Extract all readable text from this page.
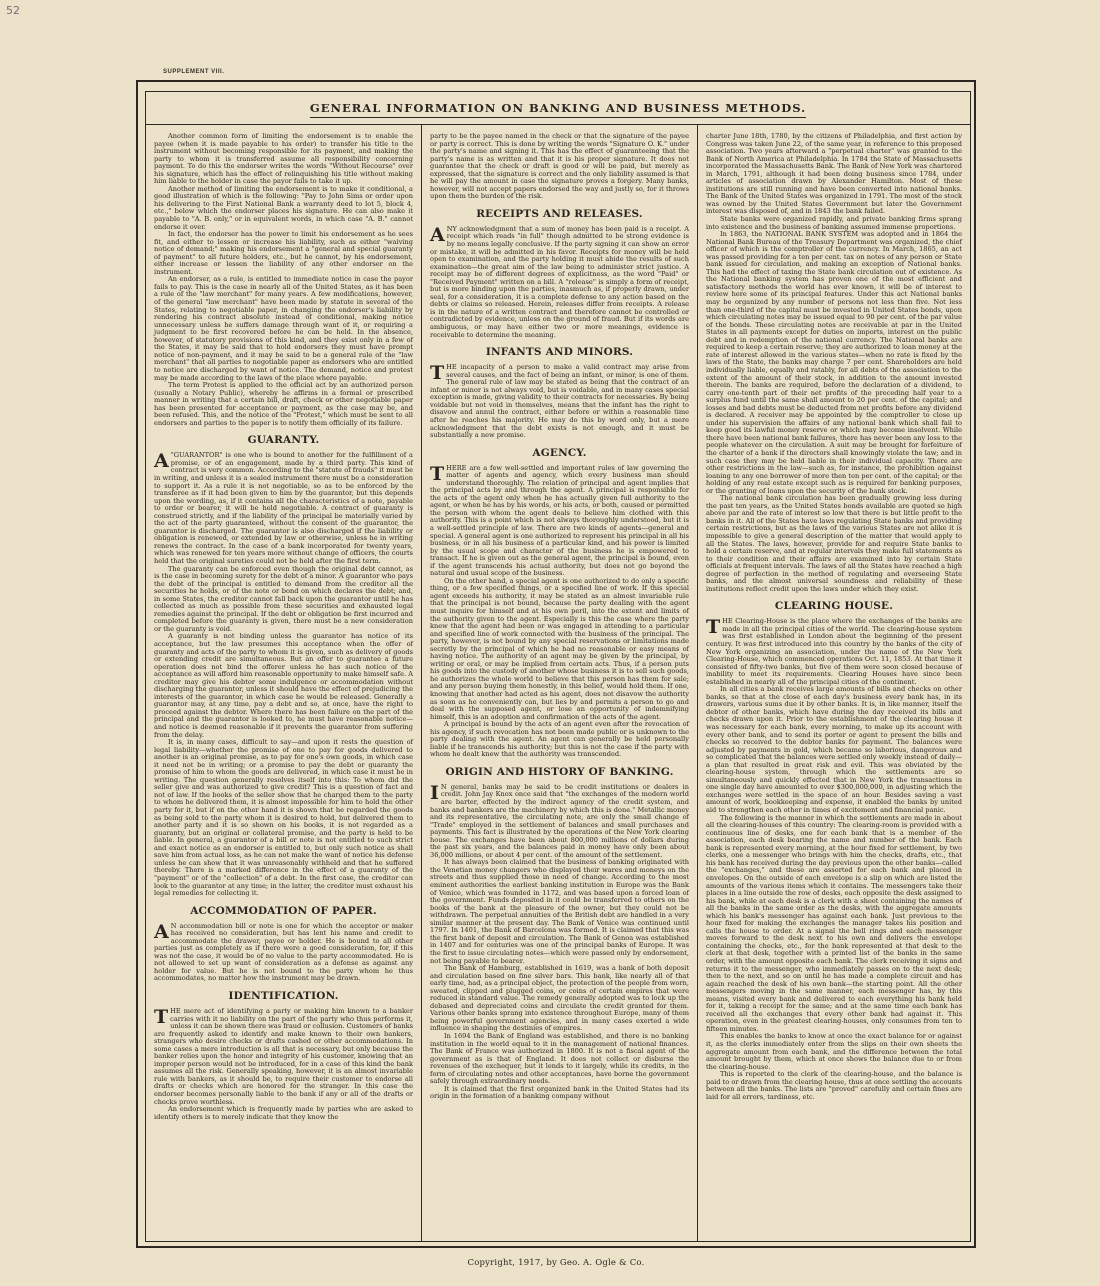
52
SUPPLEMENT VIII.
GENERAL INFORMATION ON BANKING AND BUSINESS METHODS.

Another common form of limiting the endorsement is to enable the payee (when it is made payable to his order) to transfer his title to the instrument without becoming responsible for its payment, and making the party to whom it is transferred assume all responsibility concerning payment. To do this the endorser writes the words "Without Recourse" over his signature, which has the effect of relinquishing his title without making him liable to the holder in case the payor fails to take it up.

Another method of limiting the endorsement is to make it conditional, a good illustration of which is the following: "Pay to John Sims or order upon his delivering to the First National Bank a warranty deed to lot 5, block 4, etc.," below which the endorser places his signature. He can also make it payable to "A. B. only," or in equivalent words, in which case "A. B." cannot endorse it over.

In fact, the endorser has the power to limit his endorsement as he sees fit, and either to lessen or increase his liability, such as either "waiving notice of demand;" making his endorsement a "general and special guaranty of payment" to all future holders, etc., but he cannot, by his endorsement, either increase or lessen the liability of any other endorser on the instrument.

An endorser, as a rule, is entitled to immediate notice in case the payor fails to pay. This is the case in nearly all of the United States, as it has been a rule of the "law merchant" for many years. A few modifications, however, of the general "law merchant" have been made by statute in several of the States, relating to negotiable paper, in changing the endorser's liability by rendering his contract absolute instead of conditional, making notice unnecessary unless he suffers damage through want of it, or requiring a judgment to be first recovered before he can be held. In the absence, however, of statutory provisions of this kind, and they exist only in a few of the States, it may be said that to hold endorsers they must have prompt notice of non-payment, and it may be said to be a general rule of the "law merchant" that all parties to negotiable paper as endorsers who are entitled to notice are discharged by want of notice. The demand, notice and protest may be made according to the laws of the place where payable.

The term Protest is applied to the official act by an authorized person (usually a Notary Public), whereby he affirms in a formal or prescribed manner in writing that a certain bill, draft, check or other negotiable paper has been presented for acceptance or payment, as the case may be, and been refused. This, and the notice of the "Protest," which must be sent to all endorsers and parties to the paper is to notify them officially of its failure.

GUARANTY.

A "GUARANTOR" is one who is bound to another for the fulfillment of a promise, or of an engagement, made by a third party. This kind of contract is very common. According to the "statute of frauds" it must be in writing, and unless it is a sealed instrument there must be a consideration to support it. As a rule it is not negotiable, so as to be enforced by the transferee as if it had been given to him by the guarantor, but this depends upon the wording, as, if it contains all the characteristics of a note, payable to order or bearer, it will be held negotiable. A contract of guaranty is construed strictly, and if the liability of the principal be materially varied by the act of the party guaranteed, without the consent of the guarantor, the guarantor is discharged. The guarantor is also discharged if the liability or obligation is renewed, or extended by law or otherwise, unless he in writing renews the contract. In the case of a bank incorporated for twenty years, which was renewed for ten years more without change of officers, the courts held that the original sureties could not be held after the first term.

The guaranty can be enforced even though the original debt cannot, as is the case in becoming surety for the debt of a minor. A guarantor who pays the debt of the principal is entitled to demand from the creditor all the securities he holds, or of the note or bond on which declares the debt; and, in some States, the creditor cannot fall back upon the guarantor until he has collected as much as possible from these securities and exhausted legal remedies against the principal. If the debt or obligation be first incurred and completed before the guaranty is given, there must be a new consideration or the guaranty is void.

A guaranty is not binding unless the guarantor has notice of its acceptance, but the law presumes this acceptance when the offer of guaranty and acts of the party to whom it is given, such as delivery of goods or extending credit are simultaneous. But an offer to guarantee a future operation does not bind the offerer unless he has such notice of the acceptance as will afford him reasonable opportunity to make himself safe. A creditor may give his debtor some indulgence or accommodation without discharging the guarantor, unless it should have the effect of prejudicing the interests of the guarantor, in which case he would be released. Generally a guarantor may, at any time, pay a debt and so, at once, have the right to proceed against the debtor. Where there has been failure on the part of the principal and the guarantor is looked to, he must have reasonable notice—and notice is deemed reasonable if it prevents the guarantor from suffering from the delay.

It is, in many cases, difficult to say—and upon it rests the question of legal liability—whether the promise of one to pay for goods delivered to another is an original promise, as to pay for one's own goods, in which case it need not be in writing; or a promise to pay the debt or guaranty the promise of him to whom the goods are delivered, in which case it must be in writing. The question generally resolves itself into this: To whom did the seller give and was authorized to give credit? This is a question of fact and not of law. If the books of the seller show that he charged them to the party to whom he delivered them, it is almost impossible for him to hold the other party for it, but if on the other hand it is shown that he regarded the goods as being sold to the party whom it is desired to hold, but delivered them to another party and it is so shown on his books, it is not regarded as a guaranty, but an original or collateral promise, and the party is held to be liable. In general, a guarantor of a bill or note is not entitled to such strict and exact notice as an endorser is entitled to, but only such notice as shall save him from actual loss, as he can not make the want of notice his defense unless he can show that it was unreasonably withheld and that he suffered thereby. There is a marked difference in the effect of a guaranty of the "payment" or of the "collection" of a debt. In the first case, the creditor can look to the guarantor at any time; in the latter, the creditor must exhaust his legal remedies for collecting it.

ACCOMMODATION OF PAPER.

A N accommodation bill or note is one for which the acceptor or maker has received no consideration, but has lent his name and credit to accommodate the drawer, payee or holder. He is bound to all other parties just as completely as if there were a good consideration, for, if this was not the case, it would be of no value to the party accommodated. He is not allowed to set up want of consideration as a defense as against any holder for value. But he is not bound to the party whom he thus accommodates, no matter how the instrument may be drawn.

IDENTIFICATION.

THE mere act of identifying a party or making him known to a banker carries with it no liability on the part of the party who thus performs it, unless it can be shown there was fraud or collusion. Customers of banks are frequently asked to identify and make known to their own bankers, strangers who desire checks or drafts cashed or other accommodations. In some cases a mere introduction is all that is necessary, but only because the banker relies upon the honor and integrity of his customer, knowing that an improper person would not be introduced, for in a case of this kind the bank assumes all the risk. Generally speaking, however, it is an almost invariable rule with bankers, as it should be, to require their customer to endorse all drafts or checks which are honored for the stranger. In this case the endorser becomes personally liable to the bank if any or all of the drafts or checks prove worthless.

An endorsement which is frequently made by parties who are asked to identify others is to merely indicate that they know the

party to be the payee named in the check or that the signature of the payee or party is correct. This is done by writing the words "Signature O. K." under the party's name and signing it. This has the effect of guaranteeing that the party's name is as written and that it is his proper signature. It does not guarantee that the check or draft is good or will be paid, but merely as expressed, that the signature is correct and the only liability assumed is that he will pay the amount in case the signature proves a forgery. Many banks, however, will not accept papers endorsed the way and justly so, for it throws upon them the burden of the risk.

RECEIPTS AND RELEASES.

ANY acknowledgment that a sum of money has been paid is a receipt. A receipt which reads "in full" though admitted to be strong evidence is by no means legally conclusive. If the party signing it can show an error or mistake, it will be admitted in his favor. Receipts for money will be held open to examination, and the party holding it must abide the results of such examination—the great aim of the law being to administer strict justice. A receipt may be of different degrees of explicitness, as the word "Paid" or "Received Payment" written on a bill. A "release" is simply a form of receipt, but is more binding upon the parties, inasmuch as, if properly drawn, under seal, for a consideration, it is a complete defense to any action based on the debts or claims so released. Herein, releases differ from receipts. A release is in the nature of a written contract and therefore cannot be controlled or contradicted by evidence, unless on the ground of fraud. But if its words are ambiguous, or may have either two or more meanings, evidence is receivable to determine the meaning.

INFANTS AND MINORS.

THE incapacity of a person to make a valid contract may arise from several causes, and the fact of being an infant, or minor, is one of them. The general rule of law may be stated as being that the contract of an infant or minor is not always void, but is voidable, and in many cases special exception is made, giving validity to their contracts for necessaries. By being voidable but not void in themselves, means that the infant has the right to disavow and annul the contract, either before or within a reasonable time after he reaches his majority. He may do this by word only, but a mere acknowledgment that the debt exists is not enough, and it must be substantially a new promise.

AGENCY.

THERE are a few well-settled and important rules of law governing the matter of agents and agency, which every business man should understand thoroughly. The relation of principal and agent implies that the principal acts by and through the agent. A principal is responsible for the acts of the agent only when he has actually given full authority to the agent, or when he has by his words, or his acts, or both, caused or permitted the person with whom the agent deals to believe him clothed with this authority. This is a point which is not always thoroughly understood, but it is a well-settled principle of law. There are two kinds of agents—general and special. A general agent is one authorized to represent his principal in all his business, or in all his business of a particular kind, and his power is limited by the usual scope and character of the business he is empowered to transact. If he is given out as the general agent, the principal is bound, even if the agent transcends his actual authority, but does not go beyond the natural and usual scope of the business.

On the other hand, a special agent is one authorized to do only a specific thing, or a few specified things, or a specified line of work. If this special agent exceeds his authority, it may be stated as an almost invariable rule that the principal is not bound, because the party dealing with the agent must inquire for himself and at his own peril, into the extent and limits of the authority given to the agent. Especially is this the case where the party knew that the agent had been or was engaged in attending to a particular and specified line of work connected with the business of the principal. The party, however, is not bound by any special reservations or limitations made secretly by the principal of which he had no reasonable or easy means of having notice. The authority of an agent may be given by the principal, by writing or oral, or may be implied from certain acts. Thus, if a person puts his goods into the custody of another whose business it is to sell such goods, he authorizes the whole world to believe that this person has them for sale; and any person buying them honestly, in this belief, would hold them. If one, knowing that another had acted as his agent, does not disavow the authority as soon as he conveniently can, but lies by and permits a person to go and deal with the supposed agent, or lose an opportunity of indemnifying himself, this is an adoption and confirmation of the acts of the agent.

A principal is bound by the acts of an agent even after the revocation of his agency, if such revocation has not been made public or is unknown to the party dealing with the agent. An agent can generally be held personally liable if he transcends his authority; but this is not the case if the party with whom he dealt knew that the authority was transcended.

ORIGIN AND HISTORY OF BANKING.

I N general, banks may be said to be credit institutions or dealers in credit. John Jay Knox once said that "the exchanges of the modern world are barter, effected by the indirect agency of the credit system, and banks and bankers are the machinery by which this is done." Metallic money and its representative, the circulating note, are only the small change of "Trade" employed in the settlement of balances and small purchases and payments. This fact is illustrated by the operations of the New York clearing house. The exchanges have been about 800,000 millions of dollars during the past six years, and the balances paid in money have only been about 36,000 millions, or about 4 per cent. of the amount of the settlement.

It has always been claimed that the business of banking originated with the Venetian money changers who displayed their wares and moneys on the streets and thus supplied those in need of change. According to the most eminent authorities the earliest banking institution in Europe was the Bank of Venice, which was founded in 1172, and was based upon a forced loan of the government. Funds deposited in it could be transferred to others on the books of the bank at the pleasure of the owner, but they could not be withdrawn. The perpetual annuities of the British debt are handled in a very similar manner at the present day. The Bank of Venice was continued until 1797. In 1401, the Bank of Barcelona was formed. It is claimed that this was the first bank of deposit and circulation. The Bank of Genoa was established in 1407 and for centuries was one of the principal banks of Europe. It was the first to issue circulating notes—which were passed only by endorsement, not being payable to bearer.

The Bank of Hamburg, established in 1619, was a bank of both deposit and circulation based on fine silver bars. This bank, like nearly all of that early time, had, as a principal object, the protection of the people from worn, sweated, clipped and plugged coins, or coins of certain empires that were reduced in standard value. The remedy generally adopted was to lock up the debased and depreciated coins and circulate the credit granted for them. Various other banks sprang into existence throughout Europe, many of them being powerful government agencies, and in many cases exerted a wide influence in shaping the destinies of empires.

In 1694 the Bank of England was established, and there is no banking institution in the world equal to it in the management of national finances. The Bank of France was authorized in 1800. It is not a fiscal agent of the government as is that of England. It does not collect or disburse the revenues of the exchequer, but it lends to it largely, while its credits, in the form of circulating notes and other acceptances, have borne the government safely through extraordinary needs.

It is claimed that the first organized bank in the United States had its origin in the formation of a banking company without

charter June 18th, 1780, by the citizens of Philadelphia, and first action by Congress was taken June 22, of the same year, in reference to this proposed association. Two years afterward a "perpetual charter" was granted to the Bank of North America at Philadelphia. In 1784 the State of Massachusetts incorporated the Massachusetts Bank. The Bank of New York was chartered in March, 1791, although it had been doing business since 1784, under articles of association drawn by Alexander Hamilton. Most of these institutions are still running and have been converted into national banks. The Bank of the United States was organized in 1791. The most of the stock was owned by the United States Government but later the Government interest was disposed of, and in 1843 the bank failed.

State banks were organized rapidly, and private banking firms sprang into existence and the business of banking assumed immense proportions.

In 1863, the NATIONAL BANK SYSTEM was adopted and in 1864 the National Bank Bureau of the Treasury Department was organized, the chief officer of which is the comptroller of the currency. In March, 1865, an act was passed providing for a ten per cent. tax on notes of any person or State bank issued for circulation, and making an exception of National banks. This had the effect of taxing the State bank circulation out of existence. As the National banking system has proven one of the most efficient and satisfactory methods the world has ever known, it will be of interest to review here some of its principal features. Under this act National banks may be organized by any number of persons not less than five. Not less than one-third of the capital must be invested in United States bonds, upon which circulating notes may be issued equal to 90 per cent. of the par value of the bonds. These circulating notes are receivable at par in the United States in all payments except for duties on imports, interest on the public debt and in redemption of the national currency. The National banks are required to keep a certain reserve; they are authorized to loan money at the rate of interest allowed in the various states—when no rate is fixed by the laws of the State, the banks may charge 7 per cent. Shareholders are held individually liable, equally and ratably, for all debts of the association to the extent of the amount of their stock, in addition to the amount invested therein. The banks are required, before the declaration of a dividend, to carry one-tenth part of their net profits of the preceding half year to a surplus fund until the same shall amount to 20 per cent. of the capital; and losses and bad debts must be deducted from net profits before any dividend is declared. A receiver may be appointed by the comptroller to close up under his supervision the affairs of any national bank which shall fail to keep good its lawful money reserve or which may become insolvent. While there have been national bank failures, there has never been any loss to the people whatever on the circulation. A suit may be brought for forfeiture of the charter of a bank if the directors shall knowingly violate the law; and in such case they may be held liable in their individual capacity. There are other restrictions in the law—such as, for instance, the prohibition against loaning to any one borrower of more then ten per cent. of the capital; or the holding of any real estate except such as is required for banking purposes, or the granting of loans upon the security of the bank stock.

The national bank circulation has been gradually growing less during the past ten years, as the United States bonds available are quoted so high above par and the rate of interest so low that there is but little profit to the banks in it. All of the States have laws regulating State banks and providing certain restrictions, but as the laws of the various States are not alike it is impossible to give a general description of the matter that would apply to all the States. The laws, however, provide for and require State banks to hold a certain reserve, and at regular intervals they make full statements as to their condition and their affairs are examined into by certain State officials at frequent intervals. The laws of all the States have reached a high degree of perfection in the method of regulating and overseeing State banks, and the almost universal soundness and reliability of these institutions reflect credit upon the laws under which they exist.

CLEARING HOUSE.

THE Clearing-House is the place where the exchanges of the banks are made in all the principal cities of the world. The clearing-house system was first established in London about the beginning of the present century. It was first introduced into this country by the banks of the city of New York organizing an association, under the name of the New York Clearing-House, which commenced operations Oct. 11, 1853. At that time it consisted of fifty-two banks, but five of them were soon closed because of inability to meet its requirements. Clearing Houses have since been established in nearly all of the principal cities of the continent.

In all cities a bank receives large amounts of bills and checks on other banks, so that at the close of each day's business every bank has, in its drawers, various sums due it by other banks. It is, in like manner, itself the debtor of other banks, which have during the day received its bills and checks drawn upon it. Prior to the establishment of the clearing house it was necessary for each bank, every morning, to make up its account with every other bank, and to send its porter or agent to present the bills and checks so received to the debtor banks for payment. The balances were adjusted by payments in gold, which became so laborious, dangerous and so complicated that the balances were settled only weekly instead of daily—a plan that resulted in great risk and evil. This was obviated by the clearing-house system, through which the settlements are so simultaneously and quickly effected that in New York the transactions in one single day have amounted to over $300,000,000, in adjusting which the exchanges were settled in the space of an hour. Besides saving a vast amount of work, bookkeeping and expense, it enabled the banks by united aid to strengthen each other in times of excitement and financial panic.

The following is the manner in which the settlements are made in about all the clearing-houses of this country: The clearing-room is provided with a continuous line of desks, one for each bank that is a member of the association, each desk bearing the name and number of the bank. Each bank is represented every morning, at the hour fixed for settlement, by two clerks, one a messenger who brings with him the checks, drafts, etc., that his bank has received during the day previous upon the other banks—called the "exchanges," and these are assorted for each bank and placed in envelopes. On the outside of each envelope is a slip on which are listed the amounts of the various items which it contains. The messengers take their places in a line outside the row of desks, each opposite the desk assigned to his bank, while at each desk is a clerk with a sheet containing the names of all the banks in the same order as the desks, with the aggregate amounts which his bank's messenger has against each bank. Just previous to the hour fixed for making the exchanges the manager takes his position and calls the house to order. At a signal the bell rings and each messenger moves forward to the desk next to his own and delivers the envelope containing the checks, etc., for the bank represented at that desk to the clerk at that desk, together with a printed list of the banks in the same order, with the amount opposite each bank. The clerk receiving it signs and returns it to the messenger, who immediately passes on to the next desk; then to the next, and so on until he has made a complete circuit and has again reached the desk of his own bank—the starting point. All the other messengers moving in the same manner, each messenger has, by this means, visited every bank and delivered to each everything his bank held for it, taking a receipt for the same; and at the same time each bank has received all the exchanges that every other bank had against it. This operation, even in the greatest clearing-houses, only consumes from ten to fifteen minutes.

This enables the banks to know at once the exact balance for or against it, as the clerks immediately enter from the slips on their own sheets the aggregate amount from each bank, and the difference between the total amount brought by them, which at once shows the balance due to or from the clearing-house.

This is reported to the clerk of the clearing-house, and the balance is paid to or drawn from the clearing house, thus at once settling the accounts between all the banks. The lists are "proved" carefully and certain fines are laid for all errors, tardiness, etc.

Copyright, 1917, by Geo. A. Ogle & Co.
